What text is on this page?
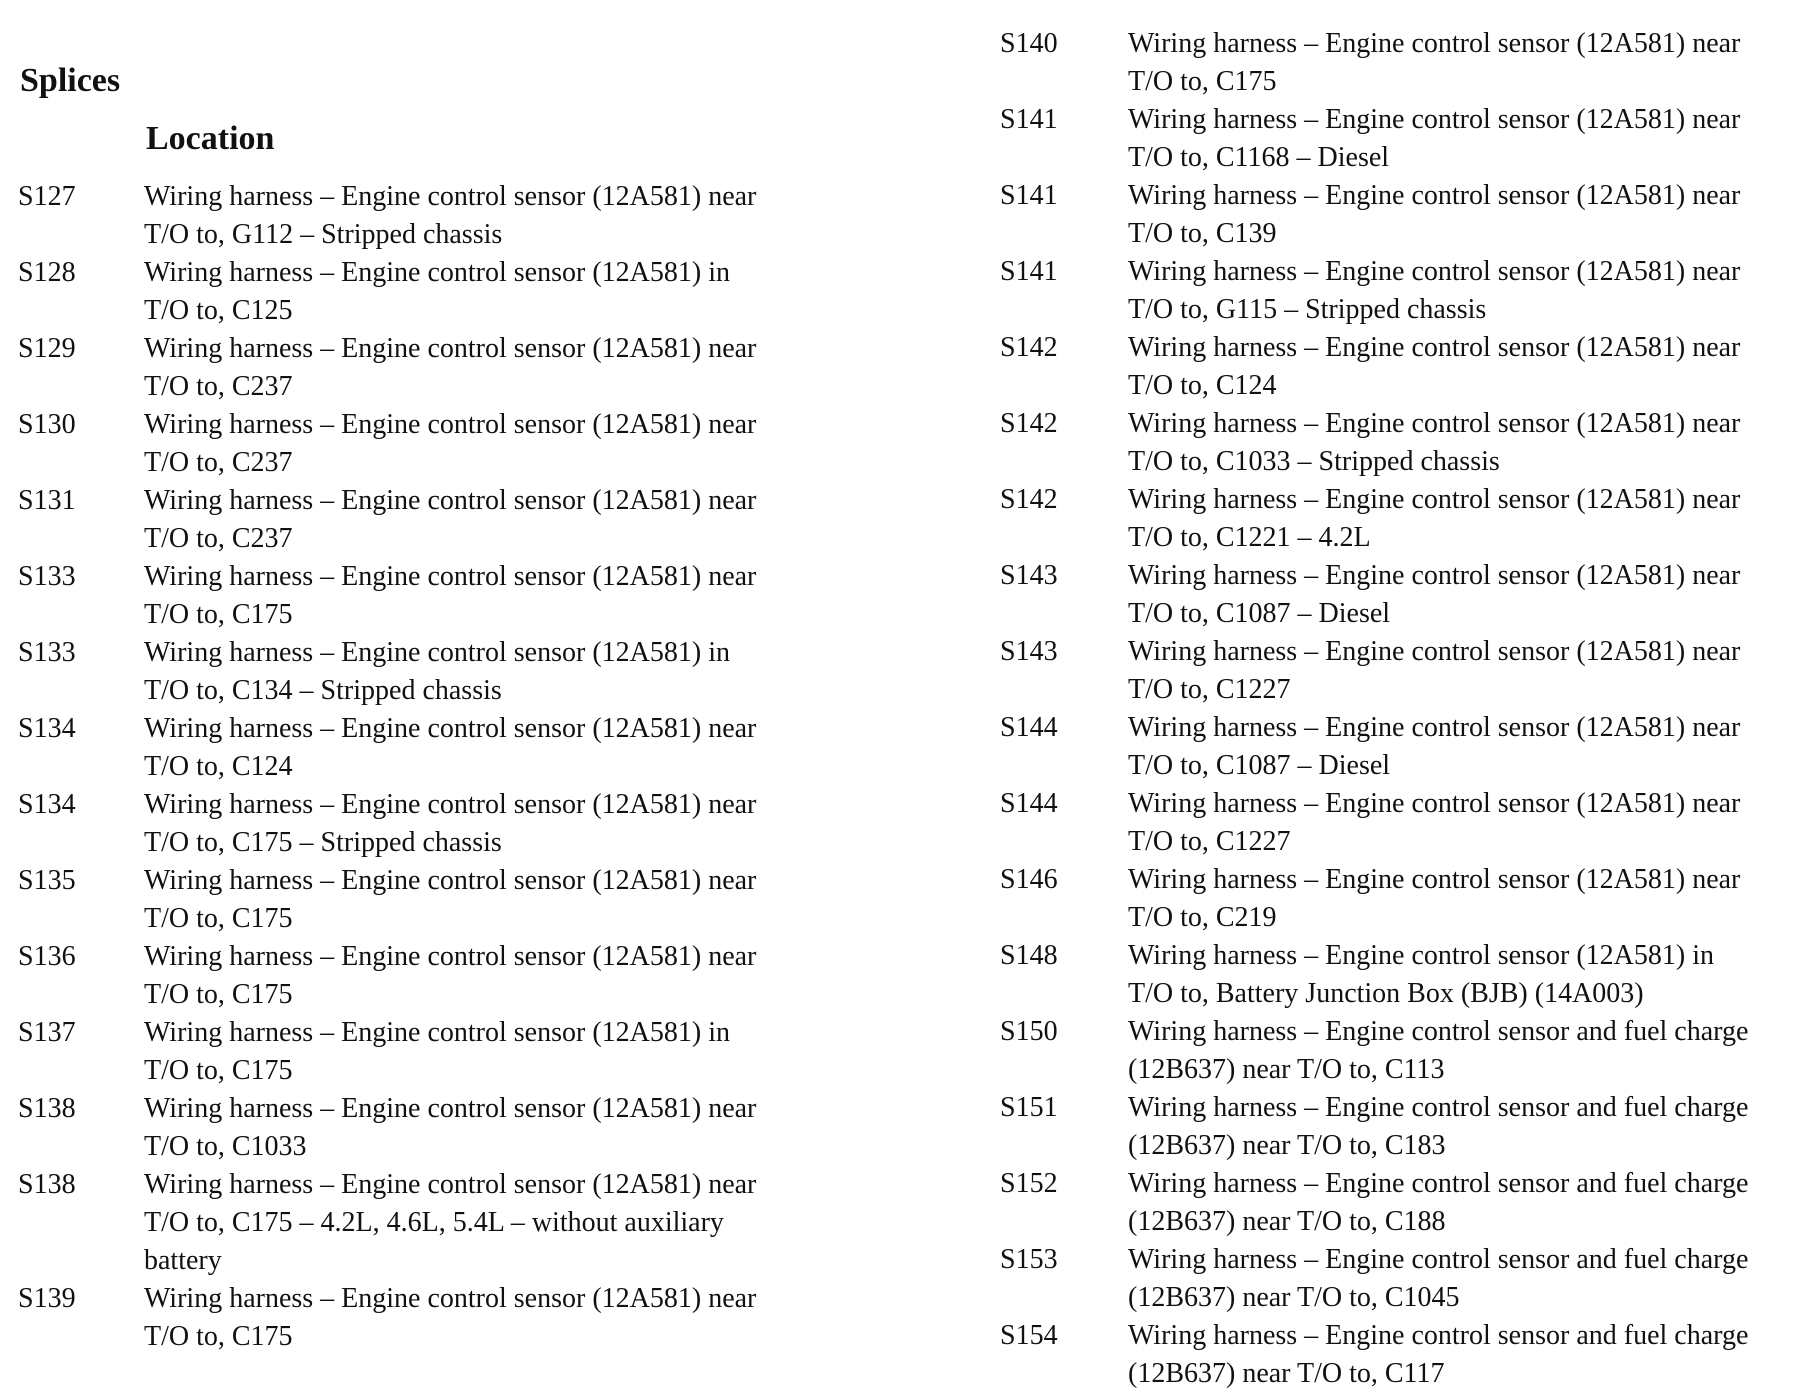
Splices
Location
S127 Wiring harness – Engine control sensor (12A581) near
T/O to, G112 – Stripped chassis
S128 Wiring harness – Engine control sensor (12A581) in
T/O to, C125
S129 Wiring harness – Engine control sensor (12A581) near
T/O to, C237
S130 Wiring harness – Engine control sensor (12A581) near
T/O to, C237
S131 Wiring harness – Engine control sensor (12A581) near
T/O to, C237
S133 Wiring harness – Engine control sensor (12A581) near
T/O to, C175
S133 Wiring harness – Engine control sensor (12A581) in
T/O to, C134 – Stripped chassis
S134 Wiring harness – Engine control sensor (12A581) near
T/O to, C124
S134 Wiring harness – Engine control sensor (12A581) near
T/O to, C175 – Stripped chassis
S135 Wiring harness – Engine control sensor (12A581) near
T/O to, C175
S136 Wiring harness – Engine control sensor (12A581) near
T/O to, C175
S137 Wiring harness – Engine control sensor (12A581) in
T/O to, C175
S138 Wiring harness – Engine control sensor (12A581) near
T/O to, C1033
S138 Wiring harness – Engine control sensor (12A581) near
T/O to, C175 – 4.2L, 4.6L, 5.4L – without auxiliary
battery
S139 Wiring harness – Engine control sensor (12A581) near
T/O to, C175
S140	Wiring harness – Engine control sensor (12A581) near
T/O to, C175
S141	Wiring harness – Engine control sensor (12A581) near
T/O to, C1168 – Diesel
S141	Wiring harness – Engine control sensor (12A581) near
T/O to, C139
S141	Wiring harness – Engine control sensor (12A581) near
T/O to, G115 – Stripped chassis
S142	Wiring harness – Engine control sensor (12A581) near
T/O to, C124
S142	Wiring harness – Engine control sensor (12A581) near
T/O to, C1033 – Stripped chassis
S142	Wiring harness – Engine control sensor (12A581) near
T/O to, C1221 – 4.2L
S143	Wiring harness – Engine control sensor (12A581) near
T/O to, C1087 – Diesel
S143	Wiring harness – Engine control sensor (12A581) near
T/O to, C1227
S144	Wiring harness – Engine control sensor (12A581) near
T/O to, C1087 – Diesel
S144	Wiring harness – Engine control sensor (12A581) near
T/O to, C1227
S146	Wiring harness – Engine control sensor (12A581) near
T/O to, C219
S148	Wiring harness – Engine control sensor (12A581) in
T/O to, Battery Junction Box (BJB) (14A003)
S150	Wiring harness – Engine control sensor and fuel charge
(12B637) near T/O to, C113
S151	Wiring harness – Engine control sensor and fuel charge
(12B637) near T/O to, C183
S152	Wiring harness – Engine control sensor and fuel charge
(12B637) near T/O to, C188
S153	Wiring harness – Engine control sensor and fuel charge
(12B637) near T/O to, C1045
S154	Wiring harness – Engine control sensor and fuel charge
(12B637) near T/O to, C117
